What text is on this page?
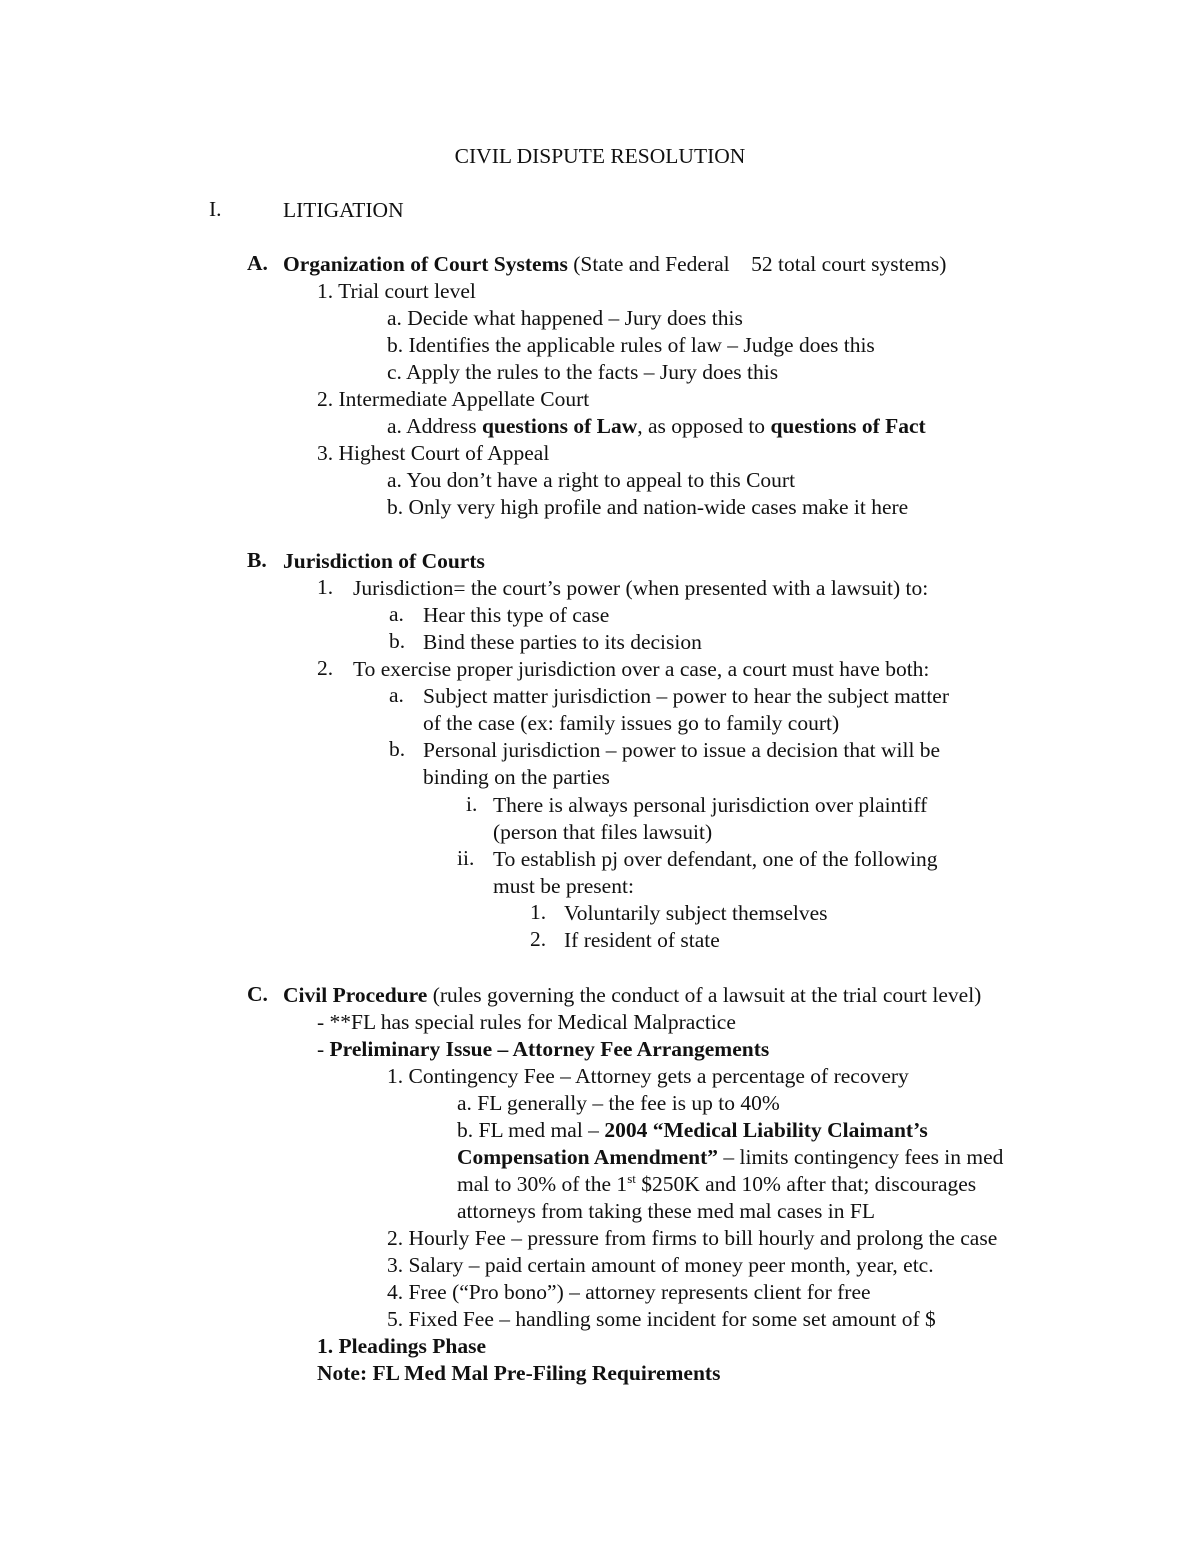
CIVIL DISPUTE RESOLUTION
I.	LITIGATION
A. Organization of Court Systems (State and Federal    52 total court systems)
1. Trial court level
a. Decide what happened – Jury does this
b. Identifies the applicable rules of law – Judge does this
c. Apply the rules to the facts – Jury does this
2. Intermediate Appellate Court
a. Address questions of Law, as opposed to questions of Fact
3. Highest Court of Appeal
a. You don’t have a right to appeal to this Court
b. Only very high profile and nation-wide cases make it here
B. Jurisdiction of Courts
1. Jurisdiction= the court’s power (when presented with a lawsuit) to:
a. Hear this type of case
b. Bind these parties to its decision
2. To exercise proper jurisdiction over a case, a court must have both:
a. Subject matter jurisdiction – power to hear the subject matter
of the case (ex: family issues go to family court)
b. Personal jurisdiction – power to issue a decision that will be
binding on the parties
i. There is always personal jurisdiction over plaintiff
(person that files lawsuit)
ii. To establish pj over defendant, one of the following
must be present:
1. Voluntarily subject themselves
2. If resident of state
C. Civil Procedure (rules governing the conduct of a lawsuit at the trial court level)
- **FL has special rules for Medical Malpractice
- Preliminary Issue – Attorney Fee Arrangements
1. Contingency Fee – Attorney gets a percentage of recovery
a. FL generally – the fee is up to 40%
b. FL med mal – 2004 “Medical Liability Claimant’s
Compensation Amendment” – limits contingency fees in med
mal to 30% of the 1st $250K and 10% after that; discourages
attorneys from taking these med mal cases in FL
2. Hourly Fee – pressure from firms to bill hourly and prolong the case
3. Salary – paid certain amount of money peer month, year, etc.
4. Free (“Pro bono”) – attorney represents client for free
5. Fixed Fee – handling some incident for some set amount of $
1. Pleadings Phase
Note: FL Med Mal Pre-Filing Requirements
